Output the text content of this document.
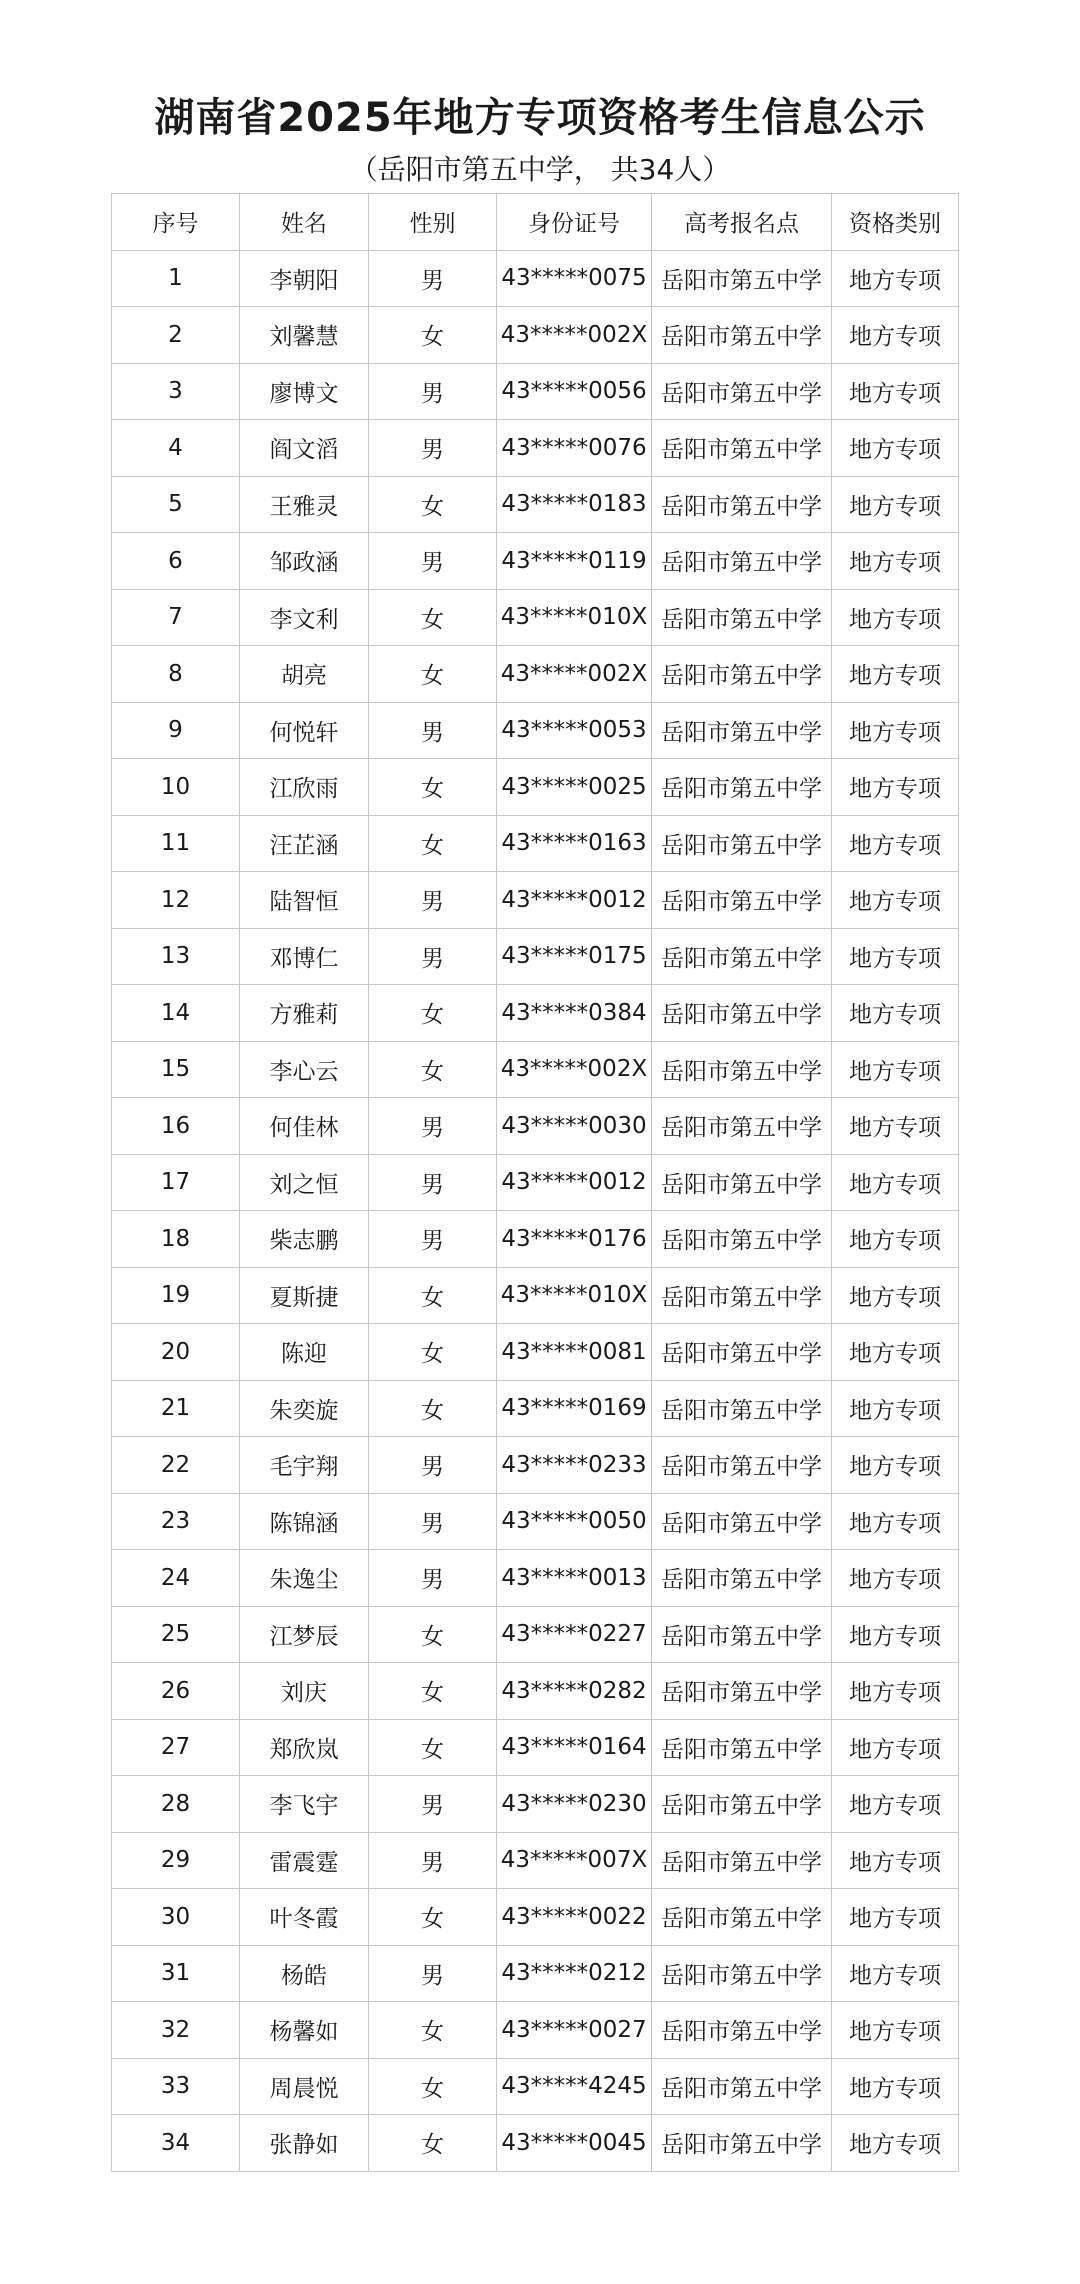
湖南省2025年地方专项资格考生信息公示
（岳阳市第五中学， 共34人）
序号	姓名	性别	身份证号	高考报名点	资格类别
1	李朝阳	男	43*****0075	岳阳市第五中学	地方专项
2	刘馨慧	女	43*****002X	岳阳市第五中学	地方专项
3	廖博文	男	43*****0056	岳阳市第五中学	地方专项
4	阎文滔	男	43*****0076	岳阳市第五中学	地方专项
5	王雅灵	女	43*****0183	岳阳市第五中学	地方专项
6	邹政涵	男	43*****0119	岳阳市第五中学	地方专项
7	李文利	女	43*****010X	岳阳市第五中学	地方专项
8	胡亮	女	43*****002X	岳阳市第五中学	地方专项
9	何悦轩	男	43*****0053	岳阳市第五中学	地方专项
10	江欣雨	女	43*****0025	岳阳市第五中学	地方专项
11	汪芷涵	女	43*****0163	岳阳市第五中学	地方专项
12	陆智恒	男	43*****0012	岳阳市第五中学	地方专项
13	邓博仁	男	43*****0175	岳阳市第五中学	地方专项
14	方雅莉	女	43*****0384	岳阳市第五中学	地方专项
15	李心云	女	43*****002X	岳阳市第五中学	地方专项
16	何佳林	男	43*****0030	岳阳市第五中学	地方专项
17	刘之恒	男	43*****0012	岳阳市第五中学	地方专项
18	柴志鹏	男	43*****0176	岳阳市第五中学	地方专项
19	夏斯捷	女	43*****010X	岳阳市第五中学	地方专项
20	陈迎	女	43*****0081	岳阳市第五中学	地方专项
21	朱奕旋	女	43*****0169	岳阳市第五中学	地方专项
22	毛宇翔	男	43*****0233	岳阳市第五中学	地方专项
23	陈锦涵	男	43*****0050	岳阳市第五中学	地方专项
24	朱逸尘	男	43*****0013	岳阳市第五中学	地方专项
25	江梦辰	女	43*****0227	岳阳市第五中学	地方专项
26	刘庆	女	43*****0282	岳阳市第五中学	地方专项
27	郑欣岚	女	43*****0164	岳阳市第五中学	地方专项
28	李飞宇	男	43*****0230	岳阳市第五中学	地方专项
29	雷震霆	男	43*****007X	岳阳市第五中学	地方专项
30	叶冬霞	女	43*****0022	岳阳市第五中学	地方专项
31	杨皓	男	43*****0212	岳阳市第五中学	地方专项
32	杨馨如	女	43*****0027	岳阳市第五中学	地方专项
33	周晨悦	女	43*****4245	岳阳市第五中学	地方专项
34	张静如	女	43*****0045	岳阳市第五中学	地方专项
